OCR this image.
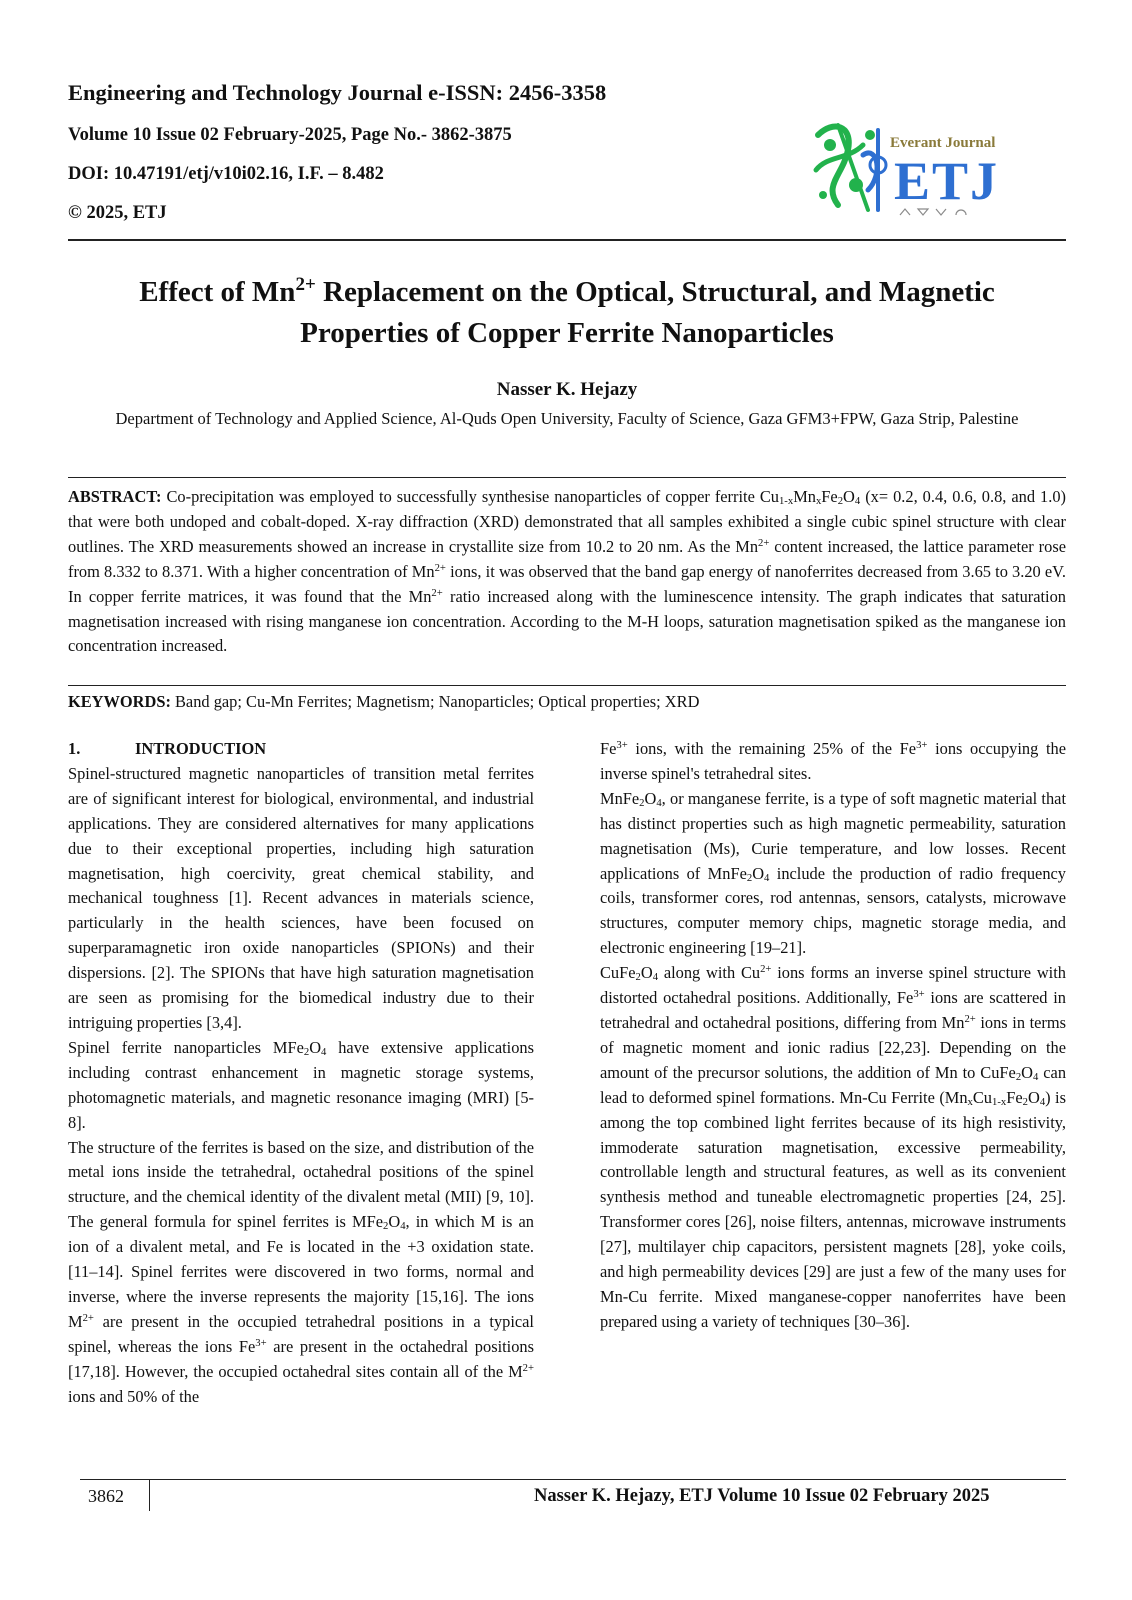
Engineering and Technology Journal e-ISSN: 2456-3358

Volume 10 Issue 02 February-2025, Page No.- 3862-3875

DOI: 10.47191/etj/v10i02.16, I.F. – 8.482

© 2025, ETJ

Everant Journal
ETJ
Effect of $Mn^{2+}$ Replacement on the Optical, Structural, and Magnetic
Properties of Copper Ferrite Nanoparticles

Nasser K. Hejazy

Department of Technology and Applied Science, Al-Quds Open University, Faculty of Science, Gaza GFM3+FPW, Gaza Strip, Palestine

ABSTRACT: Co-precipitation was employed to successfully synthesise nanoparticles of copper ferrite $Cu_{1-x}Mn_xFe_2O_4$ (x= 0.2, 0.4, 0.6, 0.8, and 1.0) that were both undoped and cobalt-doped. X-ray diffraction (XRD) demonstrated that all samples exhibited a single cubic spinel structure with clear outlines. The XRD measurements showed an increase in crystallite size from 10.2 to 20 nm. As the $Mn^{2+}$ content increased, the lattice parameter rose from 8.332 to 8.371. With a higher concentration of $Mn^{2+}$ ions, it was observed that the band gap energy of nanoferrites decreased from 3.65 to 3.20 eV. In copper ferrite matrices, it was found that the $Mn^{2+}$ ratio increased along with the luminescence intensity. The graph indicates that saturation magnetisation increased with rising manganese ion concentration. According to the M-H loops, saturation magnetisation spiked as the manganese ion concentration increased.

KEYWORDS: Band gap; Cu-Mn Ferrites; Magnetism; Nanoparticles; Optical properties; XRD

1.	INTRODUCTION

Spinel-structured magnetic nanoparticles of transition metal ferrites are of significant interest for biological, environmental, and industrial applications. They are considered alternatives for many applications due to their exceptional properties, including high saturation magnetisation, high coercivity, great chemical stability, and mechanical toughness [1]. Recent advances in materials science, particularly in the health sciences, have been focused on superparamagnetic iron oxide nanoparticles (SPIONs) and their dispersions. [2]. The SPIONs that have high saturation magnetisation are seen as promising for the biomedical industry due to their intriguing properties [3,4].

Spinel ferrite nanoparticles $MFe_2O_4$ have extensive applications including contrast enhancement in magnetic storage systems, photomagnetic materials, and magnetic resonance imaging (MRI) [5-8].

The structure of the ferrites is based on the size, and distribution of the metal ions inside the tetrahedral, octahedral positions of the spinel structure, and the chemical identity of the divalent metal (MII) [9, 10]. The general formula for spinel ferrites is $MFe_2O_4$, in which M is an ion of a divalent metal, and Fe is located in the +3 oxidation state. [11–14]. Spinel ferrites were discovered in two forms, normal and inverse, where the inverse represents the majority [15,16]. The ions $M^{2+}$ are present in the occupied tetrahedral positions in a typical spinel, whereas the ions $Fe^{3+}$ are present in the octahedral positions [17,18]. However, the occupied octahedral sites contain all of the $M^{2+}$ ions and 50% of the

$Fe^{3+}$ ions, with the remaining 25% of the $Fe^{3+}$ ions occupying the inverse spinel's tetrahedral sites.

$MnFe_2O_4$, or manganese ferrite, is a type of soft magnetic material that has distinct properties such as high magnetic permeability, saturation magnetisation (Ms), Curie temperature, and low losses. Recent applications of $MnFe_2O_4$ include the production of radio frequency coils, transformer cores, rod antennas, sensors, catalysts, microwave structures, computer memory chips, magnetic storage media, and electronic engineering [19–21].

$CuFe_2O_4$ along with $Cu^{2+}$ ions forms an inverse spinel structure with distorted octahedral positions. Additionally, $Fe^{3+}$ ions are scattered in tetrahedral and octahedral positions, differing from $Mn^{2+}$ ions in terms of magnetic moment and ionic radius [22,23]. Depending on the amount of the precursor solutions, the addition of Mn to $CuFe_2O_4$ can lead to deformed spinel formations. Mn-Cu Ferrite $(Mn_xCu_{1-x}Fe_2O_4)$ is among the top combined light ferrites because of its high resistivity, immoderate saturation magnetisation, excessive permeability, controllable length and structural features, as well as its convenient synthesis method and tuneable electromagnetic properties [24, 25]. Transformer cores [26], noise filters, antennas, microwave instruments [27], multilayer chip capacitors, persistent magnets [28], yoke coils, and high permeability devices [29] are just a few of the many uses for Mn-Cu ferrite. Mixed manganese-copper nanoferrites have been prepared using a variety of techniques [30–36].

3862	Nasser K. Hejazy, ETJ Volume 10 Issue 02 February 2025
